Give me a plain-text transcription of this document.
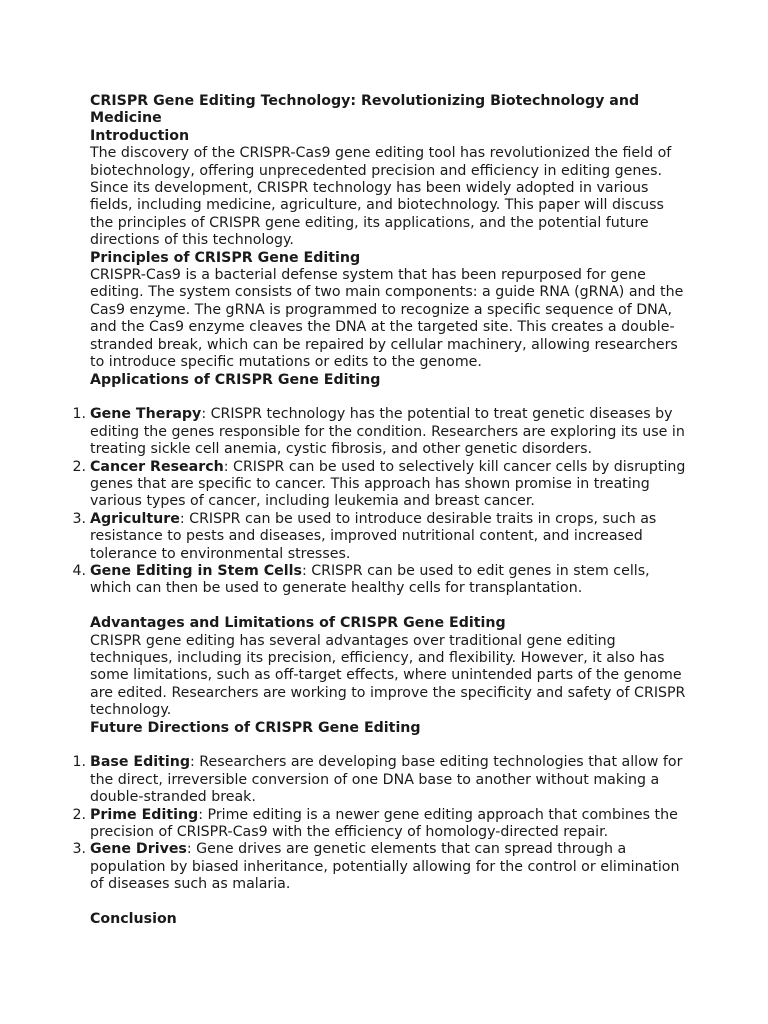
CRISPR Gene Editing Technology: Revolutionizing Biotechnology and Medicine
Introduction

The discovery of the CRISPR-Cas9 gene editing tool has revolutionized the field of biotechnology, offering unprecedented precision and efficiency in editing genes. Since its development, CRISPR technology has been widely adopted in various fields, including medicine, agriculture, and biotechnology. This paper will discuss the principles of CRISPR gene editing, its applications, and the potential future directions of this technology.

Principles of CRISPR Gene Editing

CRISPR-Cas9 is a bacterial defense system that has been repurposed for gene editing. The system consists of two main components: a guide RNA (gRNA) and the Cas9 enzyme. The gRNA is programmed to recognize a specific sequence of DNA, and the Cas9 enzyme cleaves the DNA at the targeted site. This creates a double-stranded break, which can be repaired by cellular machinery, allowing researchers to introduce specific mutations or edits to the genome.

Applications of CRISPR Gene Editing
1. Gene Therapy: CRISPR technology has the potential to treat genetic diseases by editing the genes responsible for the condition. Researchers are exploring its use in treating sickle cell anemia, cystic fibrosis, and other genetic disorders.
2. Cancer Research: CRISPR can be used to selectively kill cancer cells by disrupting genes that are specific to cancer. This approach has shown promise in treating various types of cancer, including leukemia and breast cancer.
3. Agriculture: CRISPR can be used to introduce desirable traits in crops, such as resistance to pests and diseases, improved nutritional content, and increased tolerance to environmental stresses.
4. Gene Editing in Stem Cells: CRISPR can be used to edit genes in stem cells, which can then be used to generate healthy cells for transplantation.
Advantages and Limitations of CRISPR Gene Editing

CRISPR gene editing has several advantages over traditional gene editing techniques, including its precision, efficiency, and flexibility. However, it also has some limitations, such as off-target effects, where unintended parts of the genome are edited. Researchers are working to improve the specificity and safety of CRISPR technology.

Future Directions of CRISPR Gene Editing
1. Base Editing: Researchers are developing base editing technologies that allow for the direct, irreversible conversion of one DNA base to another without making a double-stranded break.
2. Prime Editing: Prime editing is a newer gene editing approach that combines the precision of CRISPR-Cas9 with the efficiency of homology-directed repair.
3. Gene Drives: Gene drives are genetic elements that can spread through a population by biased inheritance, potentially allowing for the control or elimination of diseases such as malaria.
Conclusion
